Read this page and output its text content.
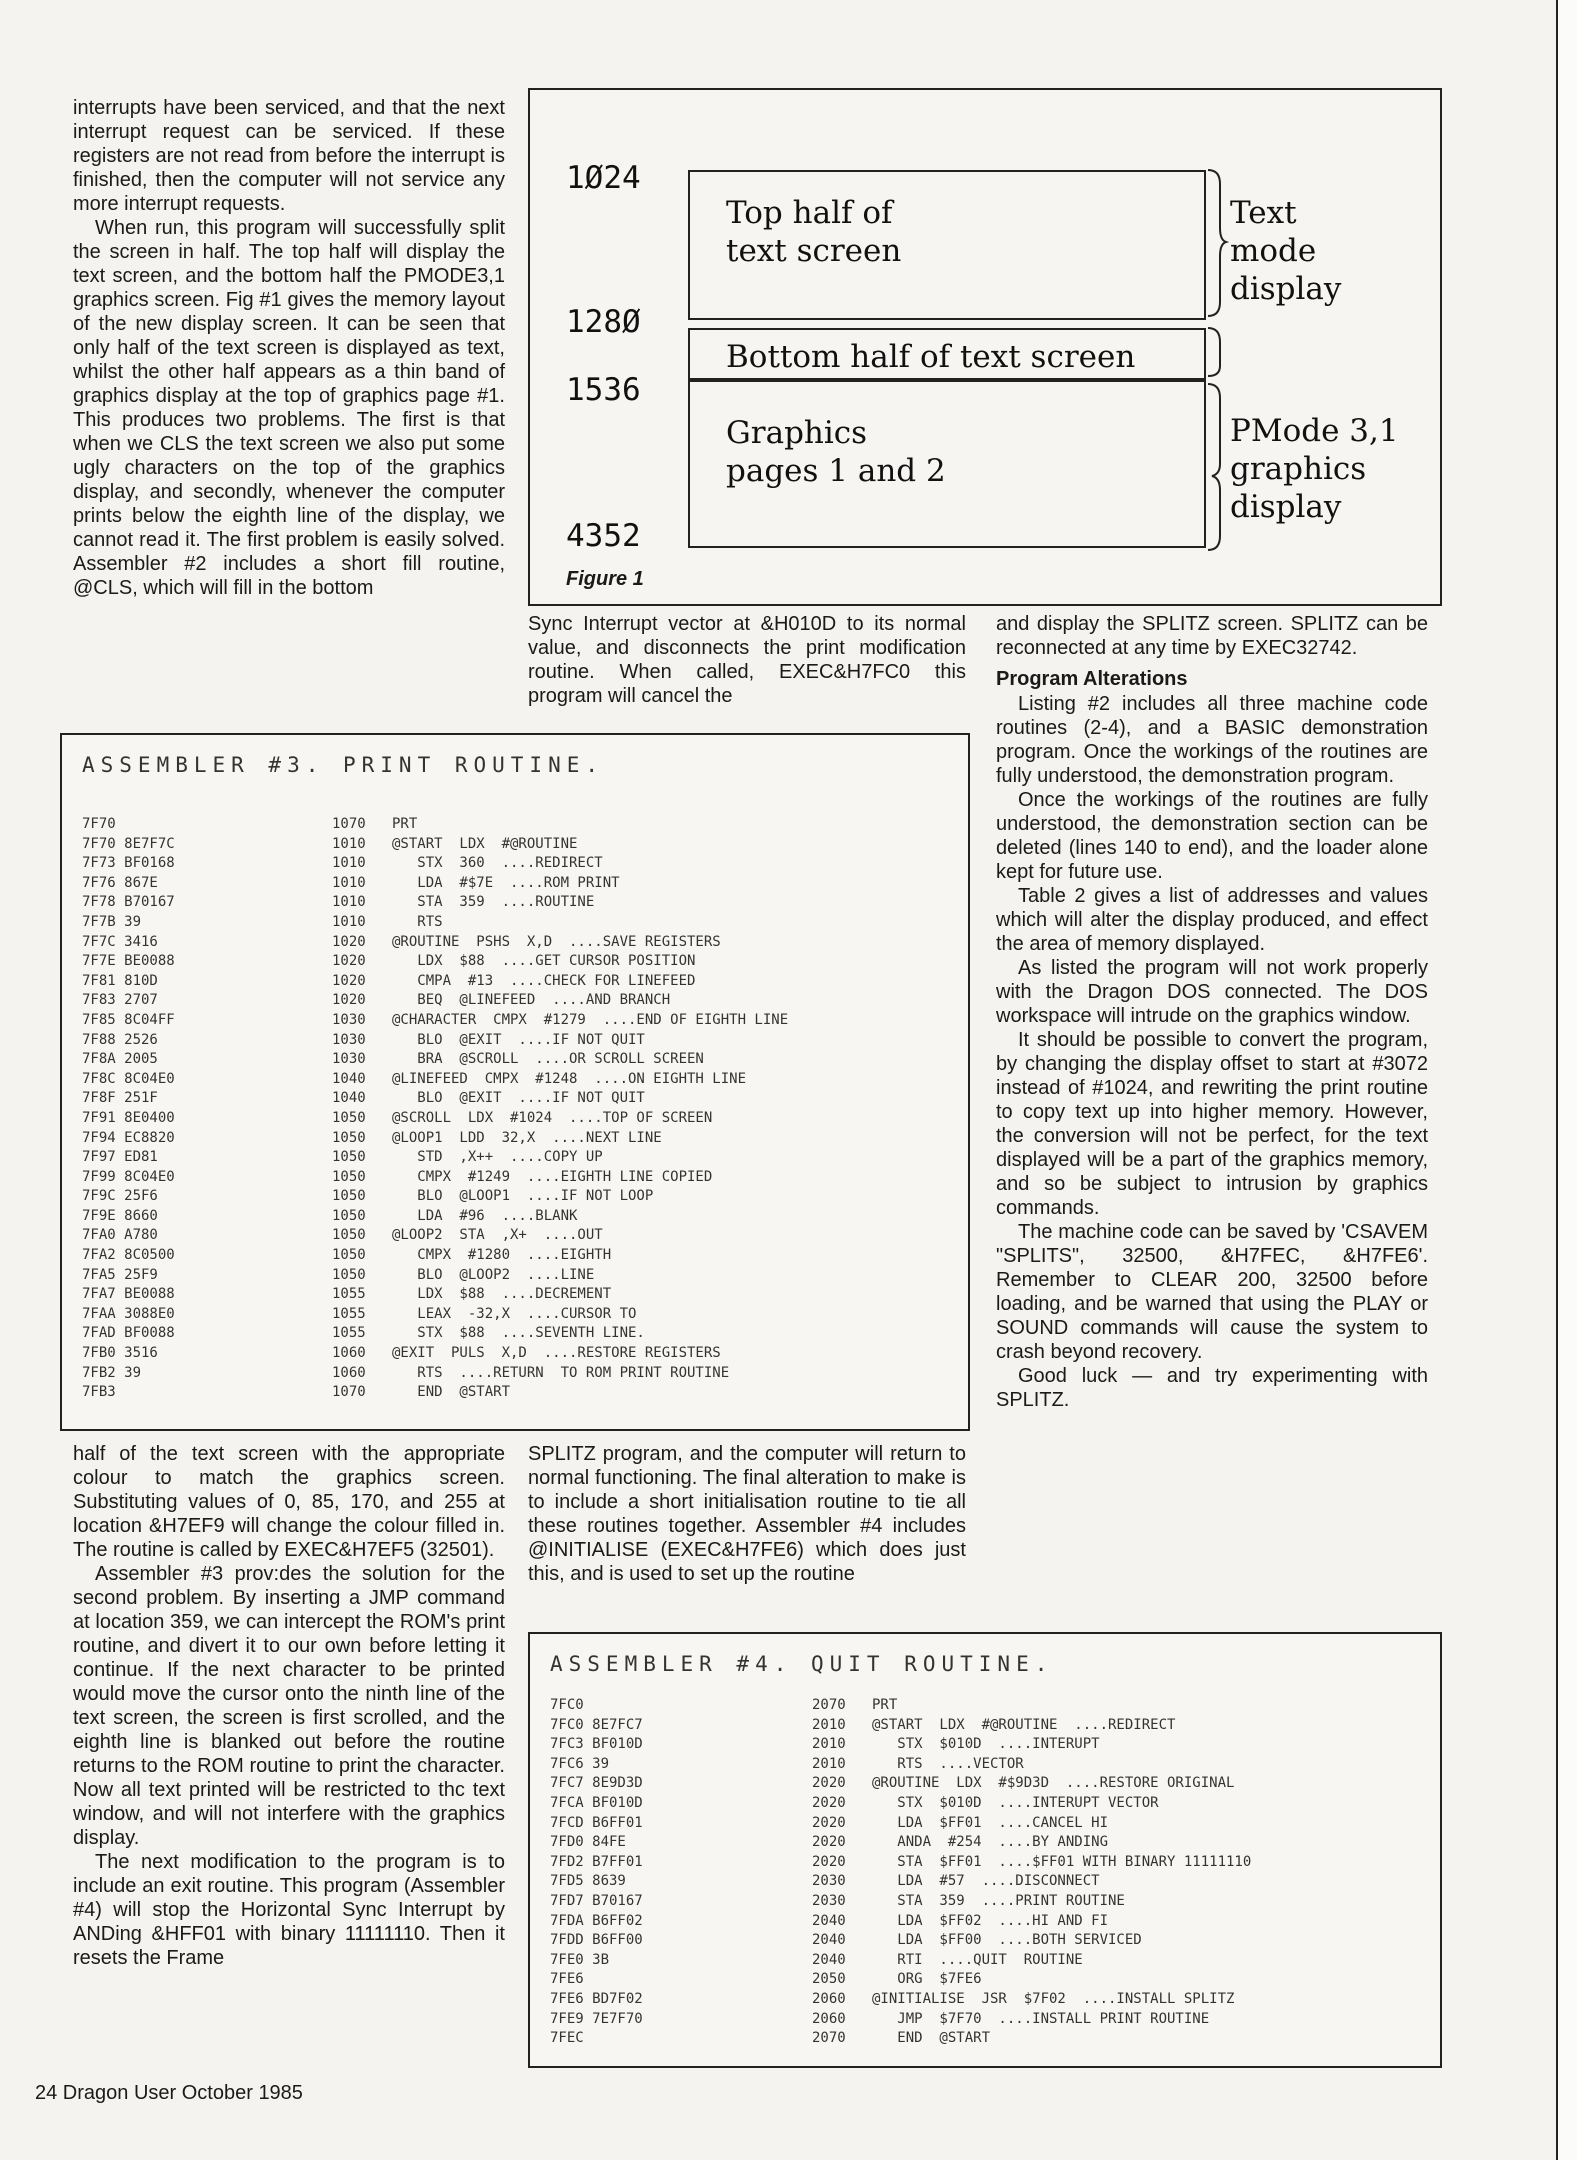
interrupts have been serviced, and that the next interrupt request can be serviced. If these registers are not read from before the interrupt is finished, then the computer will not service any more interrupt requests.

When run, this program will successfully split the screen in half. The top half will display the text screen, and the bottom half the PMODE3,1 graphics screen. Fig #1 gives the memory layout of the new display screen. It can be seen that only half of the text screen is displayed as text, whilst the other half appears as a thin band of graphics display at the top of graphics page #1. This produces two problems. The first is that when we CLS the text screen we also put some ugly characters on the top of the graphics display, and secondly, whenever the computer prints below the eighth line of the display, we cannot read it. The first problem is easily solved. Assembler #2 includes a short fill routine, @CLS, which will fill in the bottom

1Ø24
128Ø
1536
4352
Top half of
text screen
Bottom half of text screen
Graphics
pages 1 and 2
Text
mode
display
PMode 3,1
graphics
display
Figure 1

Sync Interrupt vector at &H010D to its normal value, and disconnects the print modification routine. When called, EXEC&H7FC0 this program will cancel the

and display the SPLITZ screen. SPLITZ can be reconnected at any time by EXEC32742.

Program Alterations

Listing #2 includes all three machine code routines (2-4), and a BASIC demonstration program. Once the workings of the routines are fully understood, the demonstration program.

Once the workings of the routines are fully understood, the demonstration section can be deleted (lines 140 to end), and the loader alone kept for future use.

Table 2 gives a list of addresses and values which will alter the display produced, and effect the area of memory displayed.

As listed the program will not work properly with the Dragon DOS connected. The DOS workspace will intrude on the graphics window.

It should be possible to convert the program, by changing the display offset to start at #3072 instead of #1024, and rewriting the print routine to copy text up into higher memory. However, the conversion will not be perfect, for the text displayed will be a part of the graphics memory, and so be subject to intrusion by graphics commands.

The machine code can be saved by 'CSAVEM "SPLITS", 32500, &H7FEC, &H7FE6'. Remember to CLEAR 200, 32500 before loading, and be warned that using the PLAY or SOUND commands will cause the system to crash beyond recovery.

Good luck — and try experimenting with SPLITZ.

ASSEMBLER #3. PRINT ROUTINE.
7F70	1070 PRT
7F70 8E7F7C	1010 @START  LDX  #@ROUTINE
7F73 BF0168	1010   STX  360  ....REDIRECT
7F76 867E	1010   LDA  #$7E  ....ROM PRINT
7F78 B70167	1010   STA  359  ....ROUTINE
7F7B 39	1010   RTS
7F7C 3416	1020 @ROUTINE  PSHS  X,D  ....SAVE REGISTERS
7F7E BE0088	1020   LDX  $88  ....GET CURSOR POSITION
7F81 810D	1020   CMPA  #13  ....CHECK FOR LINEFEED
7F83 2707	1020   BEQ  @LINEFEED  ....AND BRANCH
7F85 8C04FF	1030 @CHARACTER  CMPX  #1279  ....END OF EIGHTH LINE
7F88 2526	1030   BLO  @EXIT  ....IF NOT QUIT
7F8A 2005	1030   BRA  @SCROLL  ....OR SCROLL SCREEN
7F8C 8C04E0	1040 @LINEFEED  CMPX  #1248  ....ON EIGHTH LINE
7F8F 251F	1040   BLO  @EXIT  ....IF NOT QUIT
7F91 8E0400	1050 @SCROLL  LDX  #1024  ....TOP OF SCREEN
7F94 EC8820	1050 @LOOP1  LDD  32,X  ....NEXT LINE
7F97 ED81	1050   STD  ,X++  ....COPY UP
7F99 8C04E0	1050   CMPX  #1249  ....EIGHTH LINE COPIED
7F9C 25F6	1050   BLO  @LOOP1  ....IF NOT LOOP
7F9E 8660	1050   LDA  #96  ....BLANK
7FA0 A780	1050 @LOOP2  STA  ,X+  ....OUT
7FA2 8C0500	1050   CMPX  #1280  ....EIGHTH
7FA5 25F9	1050   BLO  @LOOP2  ....LINE
7FA7 BE0088	1055   LDX  $88  ....DECREMENT
7FAA 3088E0	1055   LEAX  -32,X  ....CURSOR TO
7FAD BF0088	1055   STX  $88  ....SEVENTH LINE.
7FB0 3516	1060 @EXIT  PULS  X,D  ....RESTORE REGISTERS
7FB2 39	1060   RTS  ....RETURN  TO ROM PRINT ROUTINE
7FB3	1070   END  @START

half of the text screen with the appropriate colour to match the graphics screen. Substituting values of 0, 85, 170, and 255 at location &H7EF9 will change the colour filled in. The routine is called by EXEC&H7EF5 (32501).

Assembler #3 prov:des the solution for the second problem. By inserting a JMP command at location 359, we can intercept the ROM's print routine, and divert it to our own before letting it continue. If the next character to be printed would move the cursor onto the ninth line of the text screen, the screen is first scrolled, and the eighth line is blanked out before the routine returns to the ROM routine to print the character. Now all text printed will be restricted to thc text window, and will not interfere with the graphics display.

The next modification to the program is to include an exit routine. This program (Assembler #4) will stop the Horizontal Sync Interrupt by ANDing &HFF01 with binary 11111110. Then it resets the Frame

SPLITZ program, and the computer will return to normal functioning. The final alteration to make is to include a short initialisation routine to tie all these routines together. Assembler #4 includes @INITIALISE (EXEC&H7FE6) which does just this, and is used to set up the routine

ASSEMBLER #4. QUIT ROUTINE.
7FC0	2070 PRT
7FC0 8E7FC7	2010 @START  LDX  #@ROUTINE  ....REDIRECT
7FC3 BF010D	2010   STX  $010D  ....INTERUPT
7FC6 39	2010   RTS  ....VECTOR
7FC7 8E9D3D	2020 @ROUTINE  LDX  #$9D3D  ....RESTORE ORIGINAL
7FCA BF010D	2020   STX  $010D  ....INTERUPT VECTOR
7FCD B6FF01	2020   LDA  $FF01  ....CANCEL HI
7FD0 84FE	2020   ANDA  #254  ....BY ANDING
7FD2 B7FF01	2020   STA  $FF01  ....$FF01 WITH BINARY 11111110
7FD5 8639	2030   LDA  #57  ....DISCONNECT
7FD7 B70167	2030   STA  359  ....PRINT ROUTINE
7FDA B6FF02	2040   LDA  $FF02  ....HI AND FI
7FDD B6FF00	2040   LDA  $FF00  ....BOTH SERVICED
7FE0 3B	2040   RTI  ....QUIT  ROUTINE
7FE6	2050   ORG  $7FE6
7FE6 BD7F02	2060 @INITIALISE  JSR  $7F02  ....INSTALL SPLITZ
7FE9 7E7F70	2060   JMP  $7F70  ....INSTALL PRINT ROUTINE
7FEC	2070   END  @START
24 Dragon User October 1985
